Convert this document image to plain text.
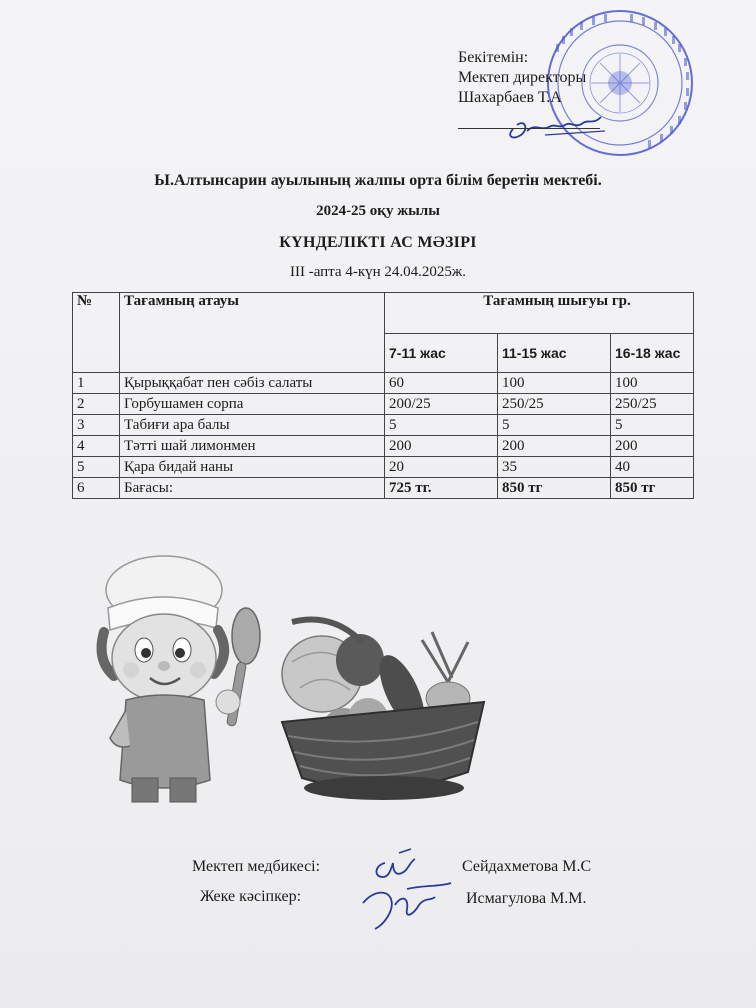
Бекітемін:
Мектеп директоры
Шахарбаев Т.А
Ы.Алтынсарин ауылының жалпы орта білім беретін мектебі.
2024-25 оқу жылы
КҮНДЕЛІКТІ АС МӘЗІРІ
III -апта 4-күн 24.04.2025ж.
№	Тағамның атауы	Тағамның шығуы гр.		
		7-11 жас	11-15 жас	16-18 жас
1	Қырыққабат пен сәбіз салаты	60	100	100
2	Горбушамен сорпа	200/25	250/25	250/25
3	Табиғи ара балы	5	5	5
4	Тәтті шай лимонмен	200	200	200
5	Қара бидай наны	20	35	40
6	Бағасы:	725 тг.	850 тг	850 тг
Мектеп медбикесі:	Сейдахметова М.С
Жеке кәсіпкер:	Исмагулова М.М.
